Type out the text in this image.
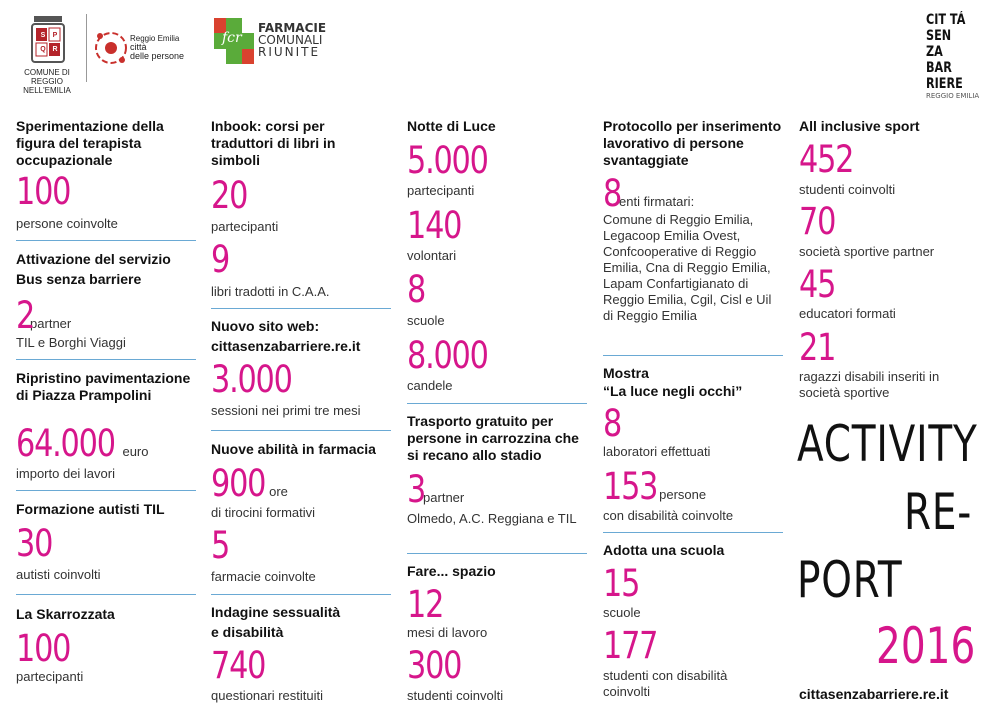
S P
Q R
COMUNE DI
REGGIO NELL'EMILIA
Reggio Emilia
città
delle persone
fcr
FARMACIE
COMUNALI
RIUNITE
CIT TÁ
SEN
ZA BAR
RIERE
REGGIO EMILIA
Sperimentazione della figura del terapista occupazionale
100
persone coinvolte
Attivazione del servizio
Bus senza barriere
2partner
TIL e Borghi Viaggi
Ripristino pavimentazione di Piazza Prampolini
64.000 euro
importo dei lavori
Formazione autisti TIL
30
autisti coinvolti
La Skarrozzata
100
partecipanti
Inbook: corsi per traduttori di libri in simboli
20
partecipanti
9
libri tradotti in C.A.A.
Nuovo sito web:
cittasenzabarriere.re.it
3.000
sessioni nei primi tre mesi
Nuove abilità in farmacia
900 ore
di tirocini formativi
5
farmacie coinvolte
Indagine sessualità
e disabilità
740
questionari restituiti
Notte di Luce
5.000
partecipanti
140
volontari
8
scuole
8.000
candele
Trasporto gratuito per persone in carrozzina che si recano allo stadio
3partner
Olmedo, A.C. Reggiana e TIL
Fare... spazio
12
mesi di lavoro
300
studenti coinvolti
Protocollo per inserimento lavorativo di persone svantaggiate
8enti firmatari:
Comune di Reggio Emilia, Legacoop Emilia Ovest, Confcooperative di Reggio Emilia, Cna di Reggio Emilia, Lapam Confartigianato di Reggio Emilia, Cgil, Cisl e Uil di Reggio Emilia
Mostra
“La luce negli occhi”
8
laboratori effettuati
153 persone
con disabilità coinvolte
Adotta una scuola
15
scuole
177
studenti con disabilità coinvolti
All inclusive sport
452
studenti coinvolti
70
società sportive partner
45
educatori formati
21
ragazzi disabili inseriti in società sportive
ACTIVITY
RE-
PORT
2016
cittasenzabarriere.re.it
